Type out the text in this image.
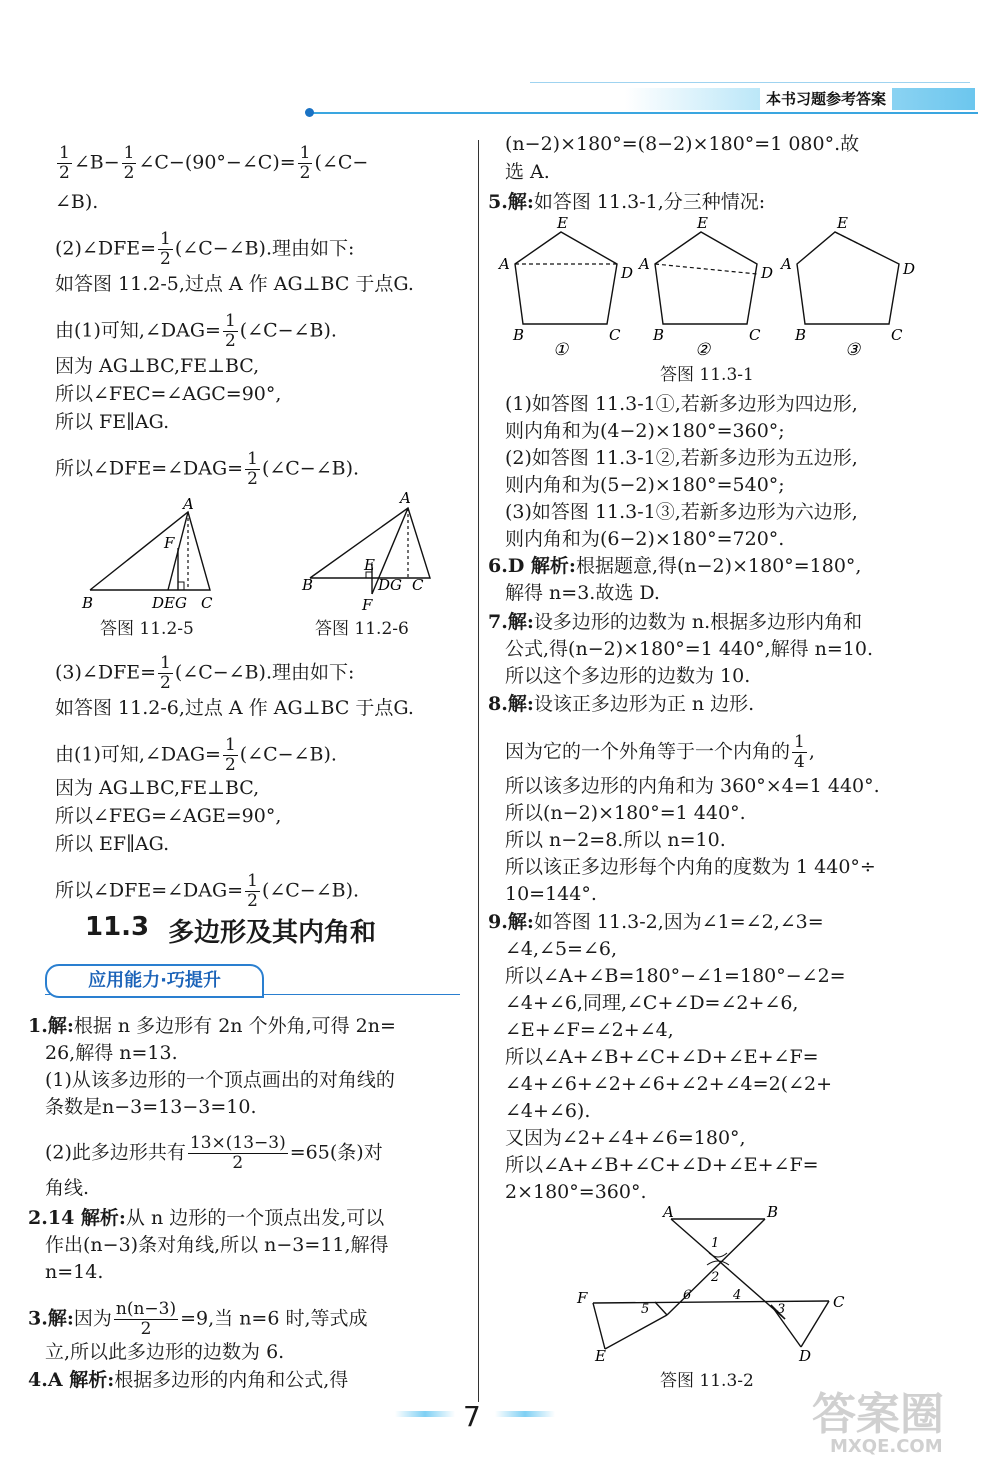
本书习题参考答案
$\frac{1}{2}$ ∠B− $\frac{1}{2}$ ∠C−(90°−∠C)= $\frac{1}{2}$ (∠C−
∠B).
(2)∠DFE= $\frac{1}{2}$ (∠C−∠B).理由如下:
如答图 11.2-5,过点 A 作 AG⊥BC 于点G.
由(1)可知,∠DAG= $\frac{1}{2}$ (∠C−∠B).
因为 AG⊥BC,FE⊥BC,
所以∠FEC=∠AGC=90°,
所以 FE∥AG.
所以∠DFE=∠DAG= $\frac{1}{2}$ (∠C−∠B).
A
B
F
DEG C
答图 11.2-5
A
B
E
DG C
F
答图 11.2-6
(3)∠DFE= $\frac{1}{2}$ (∠C−∠B).理由如下:
如答图 11.2-6,过点 A 作 AG⊥BC 于点G.
由(1)可知,∠DAG= $\frac{1}{2}$ (∠C−∠B).
因为 AG⊥BC,FE⊥BC,
所以∠FEG=∠AGE=90°,
所以 EF∥AG.
所以∠DFE=∠DAG= $\frac{1}{2}$ (∠C−∠B).
11.3 多边形及其内角和
应用能力·巧提升
1.解:根据 n 多边形有 2n 个外角,可得 2n=
26,解得 n=13.
(1)从该多边形的一个顶点画出的对角线的
条数是n−3=13−3=10.
(2)此多边形共有 $\frac{13\times(13-3)}{2} =65$(条)对
角线.
2.14 解析:从 n 边形的一个顶点出发,可以
作出(n−3)条对角线,所以 n−3=11,解得
n=14.
3.解:因为 $\frac{n(n-3)}{2} =9$,当 n=6 时,等式成
立,所以此多边形的边数为 6.
4.A 解析:根据多边形的内角和公式,得
(n−2)×180°=(8−2)×180°=1 080°.故
选 A.
5.解:如答图 11.3-1,分三种情况:
E
A	D
B	C
①
E
A	D
B	C
②
E
A	D
B	C
③
答图 11.3-1
(1)如答图 11.3-1①,若新多边形为四边形,
则内角和为(4−2)×180°=360°;
(2)如答图 11.3-1②,若新多边形为五边形,
则内角和为(5−2)×180°=540°;
(3)如答图 11.3-1③,若新多边形为六边形,
则内角和为(6−2)×180°=720°.
6.D 解析:根据题意,得(n−2)×180°=180°,
解得 n=3.故选 D.
7.解:设多边形的边数为 n.根据多边形内角和
公式,得(n−2)×180°=1 440°,解得 n=10.
所以这个多边形的边数为 10.
8.解:设该正多边形为正 n 边形.
因为它的一个外角等于一个内角的 $\frac{1}{4}$ ,
所以该多边形的内角和为 360°×4=1 440°.
所以(n−2)×180°=1 440°.
所以 n−2=8.所以 n=10.
所以该正多边形每个内角的度数为 1 440°÷
10=144°.
9.解:如答图 11.3-2,因为∠1=∠2,∠3=
∠4,∠5=∠6,
所以∠A+∠B=180°−∠1=180°−∠2=
∠4+∠6,同理,∠C+∠D=∠2+∠6,
∠E+∠F=∠2+∠4,
所以∠A+∠B+∠C+∠D+∠E+∠F=
∠4+∠6+∠2+∠6+∠2+∠4=2(∠2+
∠4+∠6).
又因为∠2+∠4+∠6=180°,
所以∠A+∠B+∠C+∠D+∠E+∠F=
2×180°=360°.
A	B
F	C
E	D
1
2
5
6	4
3
答图 11.3-2
7	答案圈
MXQE.COM
